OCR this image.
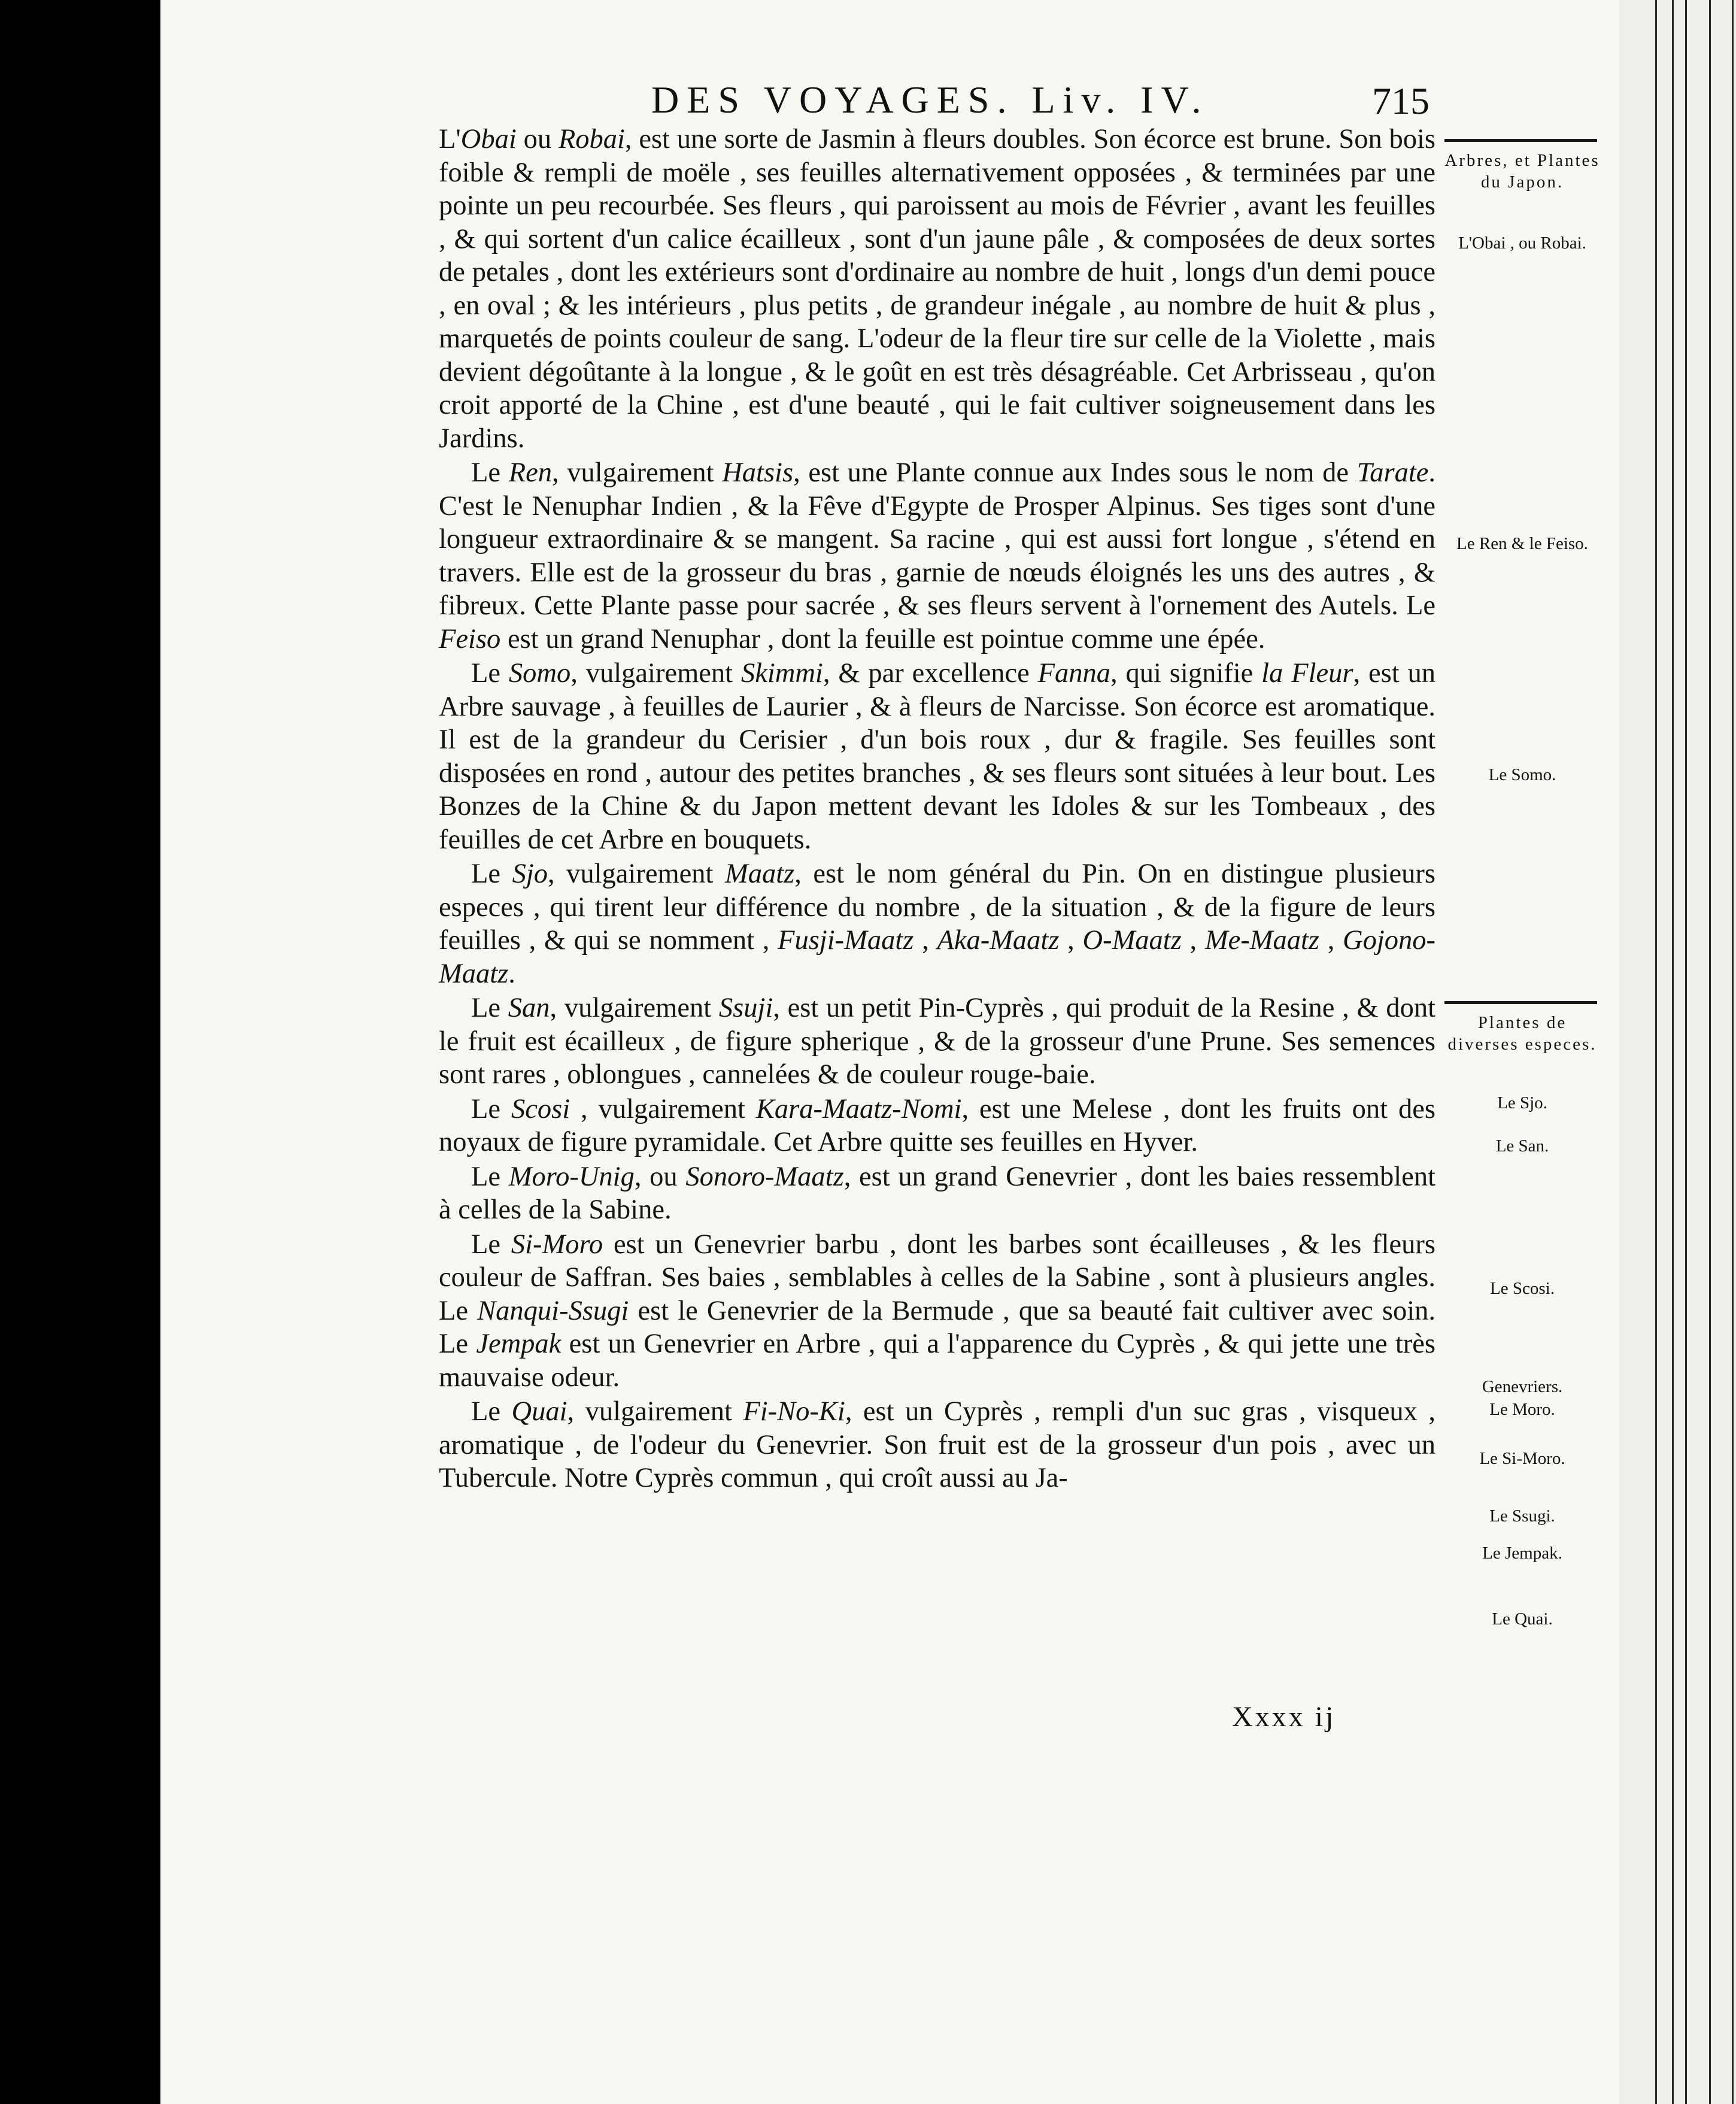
DES VOYAGES. Liv. IV.	715

L'Obai ou Robai, est une sorte de Jasmin à fleurs doubles. Son écorce est brune. Son bois foible & rempli de moële , ses feuilles alternativement opposées , & terminées par une pointe un peu recourbée. Ses fleurs , qui paroissent au mois de Février , avant les feuilles , & qui sortent d'un calice écailleux , sont d'un jaune pâle , & composées de deux sortes de petales , dont les extérieurs sont d'ordinaire au nombre de huit , longs d'un demi pouce , en oval ; & les intérieurs , plus petits , de grandeur inégale , au nombre de huit & plus , marquetés de points couleur de sang. L'odeur de la fleur tire sur celle de la Violette , mais devient dégoûtante à la longue , & le goût en est très désagréable. Cet Arbrisseau , qu'on croit apporté de la Chine , est d'une beauté , qui le fait cultiver soigneusement dans les Jardins.

Le Ren, vulgairement Hatsis, est une Plante connue aux Indes sous le nom de Tarate. C'est le Nenuphar Indien , & la Fêve d'Egypte de Prosper Alpinus. Ses tiges sont d'une longueur extraordinaire & se mangent. Sa racine , qui est aussi fort longue , s'étend en travers. Elle est de la grosseur du bras , garnie de nœuds éloignés les uns des autres , & fibreux. Cette Plante passe pour sacrée , & ses fleurs servent à l'ornement des Autels. Le Feiso est un grand Nenuphar , dont la feuille est pointue comme une épée.

Le Somo, vulgairement Skimmi, & par excellence Fanna, qui signifie la Fleur, est un Arbre sauvage , à feuilles de Laurier , & à fleurs de Narcisse. Son écorce est aromatique. Il est de la grandeur du Cerisier , d'un bois roux , dur & fragile. Ses feuilles sont disposées en rond , autour des petites branches , & ses fleurs sont situées à leur bout. Les Bonzes de la Chine & du Japon mettent devant les Idoles & sur les Tombeaux , des feuilles de cet Arbre en bouquets.

Le Sjo, vulgairement Maatz, est le nom général du Pin. On en distingue plusieurs especes , qui tirent leur différence du nombre , de la situation , & de la figure de leurs feuilles , & qui se nomment , Fusji-Maatz , Aka-Maatz , O-Maatz , Me-Maatz , Gojono-Maatz.

Le San, vulgairement Ssuji, est un petit Pin-Cyprès , qui produit de la Resine , & dont le fruit est écailleux , de figure spherique , & de la grosseur d'une Prune. Ses semences sont rares , oblongues , cannelées & de couleur rouge-baie.

Le Scosi , vulgairement Kara-Maatz-Nomi, est une Melese , dont les fruits ont des noyaux de figure pyramidale. Cet Arbre quitte ses feuilles en Hyver.

Le Moro-Unig, ou Sonoro-Maatz, est un grand Genevrier , dont les baies ressemblent à celles de la Sabine.

Le Si-Moro est un Genevrier barbu , dont les barbes sont écailleuses , & les fleurs couleur de Saffran. Ses baies , semblables à celles de la Sabine , sont à plusieurs angles. Le Nanqui-Ssugi est le Genevrier de la Bermude , que sa beauté fait cultiver avec soin. Le Jempak est un Genevrier en Arbre , qui a l'apparence du Cyprès , & qui jette une très mauvaise odeur.

Le Quai, vulgairement Fi-No-Ki, est un Cyprès , rempli d'un suc gras , visqueux , aromatique , de l'odeur du Genevrier. Son fruit est de la grosseur d'un pois , avec un Tubercule. Notre Cyprès commun , qui croît aussi au Ja-

Xxxx ij
Arbres, et Plantes du Japon.
L'Obai , ou Robai.
Le Ren & le Feiso.
Le Somo.
Plantes de diverses especes.
Le Sjo.
Le San.
Le Scosi.
Genevriers.
Le Moro.
Le Si-Moro.
Le Ssugi.
Le Jempak.
Le Quai.
